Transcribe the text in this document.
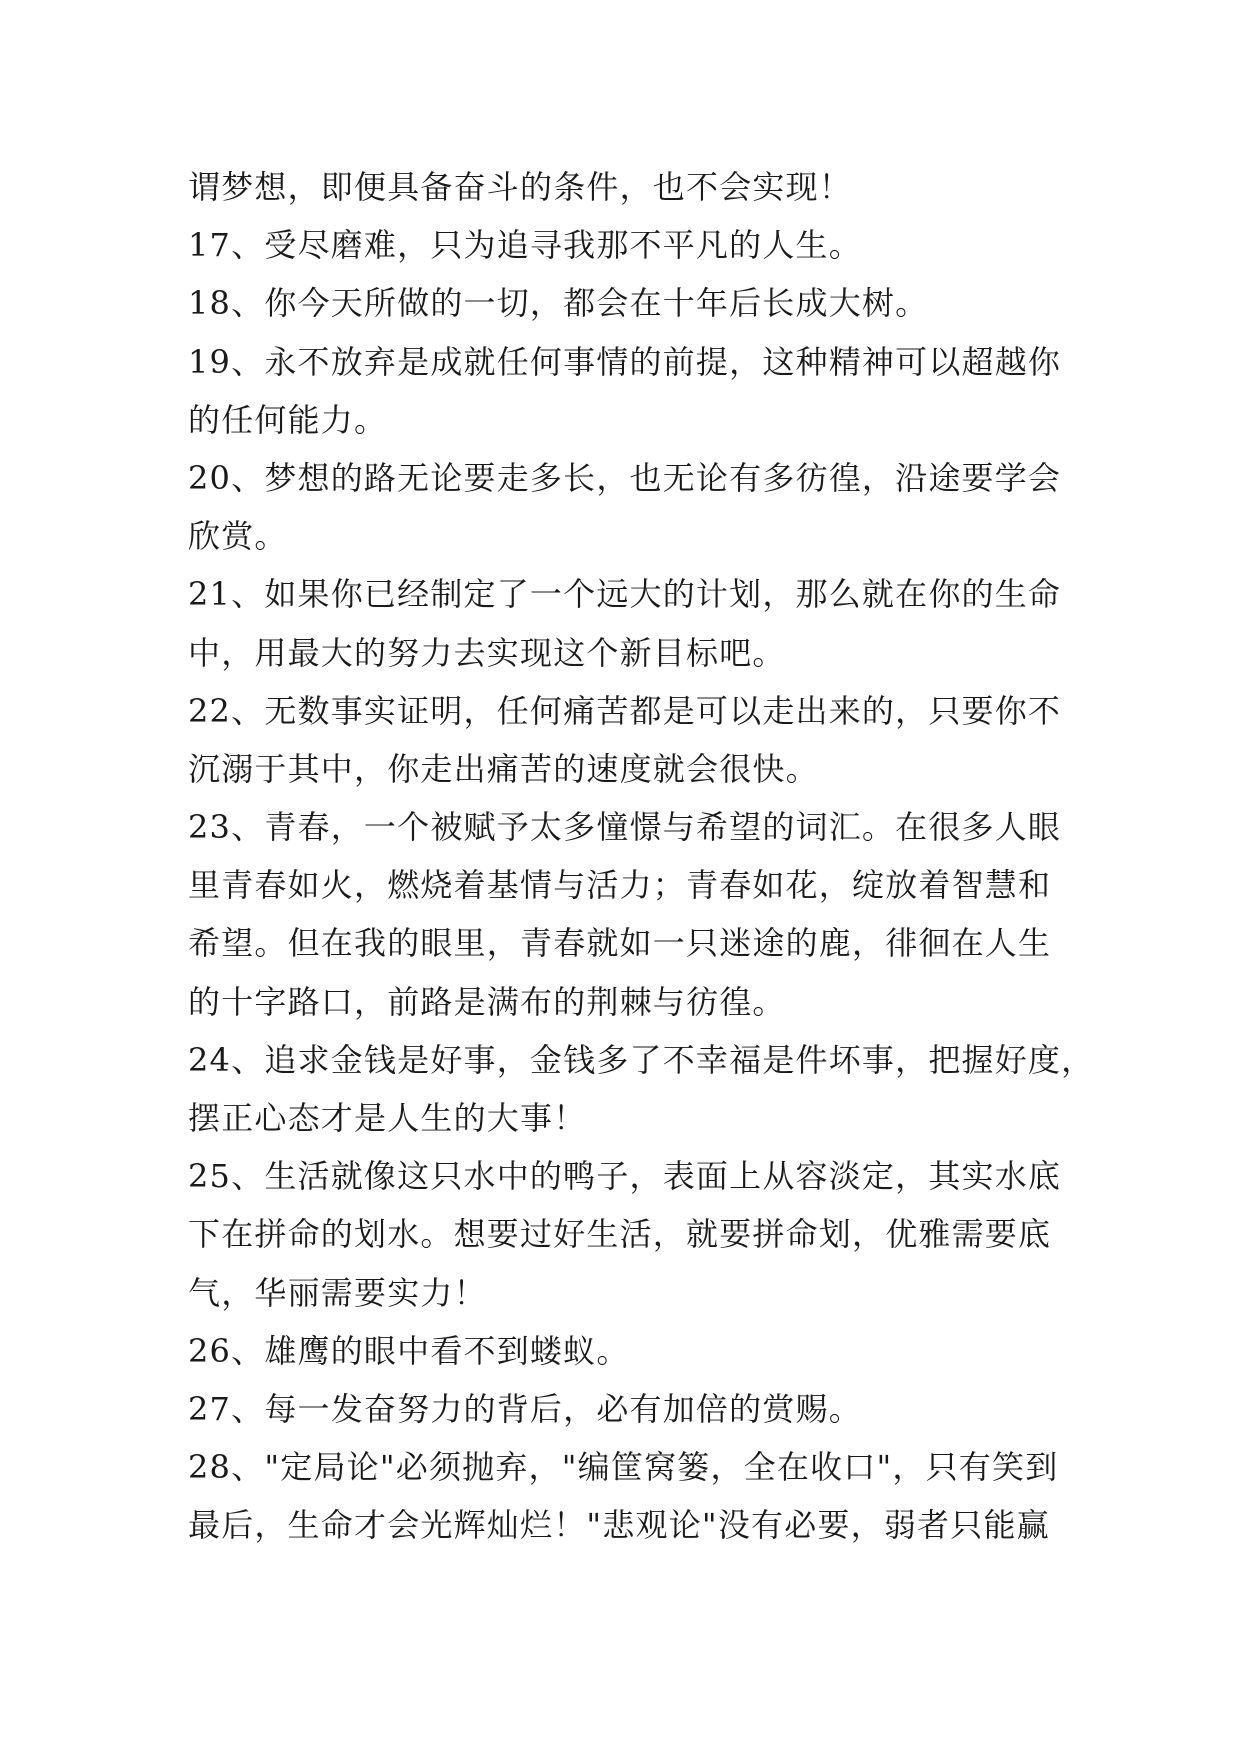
谓梦想，即便具备奋斗的条件，也不会实现！
17、受尽磨难，只为追寻我那不平凡的人生。
18、你今天所做的一切，都会在十年后长成大树。
19、永不放弃是成就任何事情的前提，这种精神可以超越你
的任何能力。
20、梦想的路无论要走多长，也无论有多彷徨，沿途要学会
欣赏。
21、如果你已经制定了一个远大的计划，那么就在你的生命
中，用最大的努力去实现这个新目标吧。
22、无数事实证明，任何痛苦都是可以走出来的，只要你不
沉溺于其中，你走出痛苦的速度就会很快。
23、青春，一个被赋予太多憧憬与希望的词汇。在很多人眼
里青春如火，燃烧着基情与活力；青春如花，绽放着智慧和
希望。但在我的眼里，青春就如一只迷途的鹿，徘徊在人生
的十字路口，前路是满布的荆棘与彷徨。
24、追求金钱是好事，金钱多了不幸福是件坏事，把握好度，
摆正心态才是人生的大事！
25、生活就像这只水中的鸭子，表面上从容淡定，其实水底
下在拼命的划水。想要过好生活，就要拼命划，优雅需要底
气，华丽需要实力！
26、雄鹰的眼中看不到蝼蚁。
27、每一发奋努力的背后，必有加倍的赏赐。
28、"定局论"必须抛弃，"编筐窝篓，全在收口"，只有笑到
最后，生命才会光辉灿烂！"悲观论"没有必要，弱者只能赢
